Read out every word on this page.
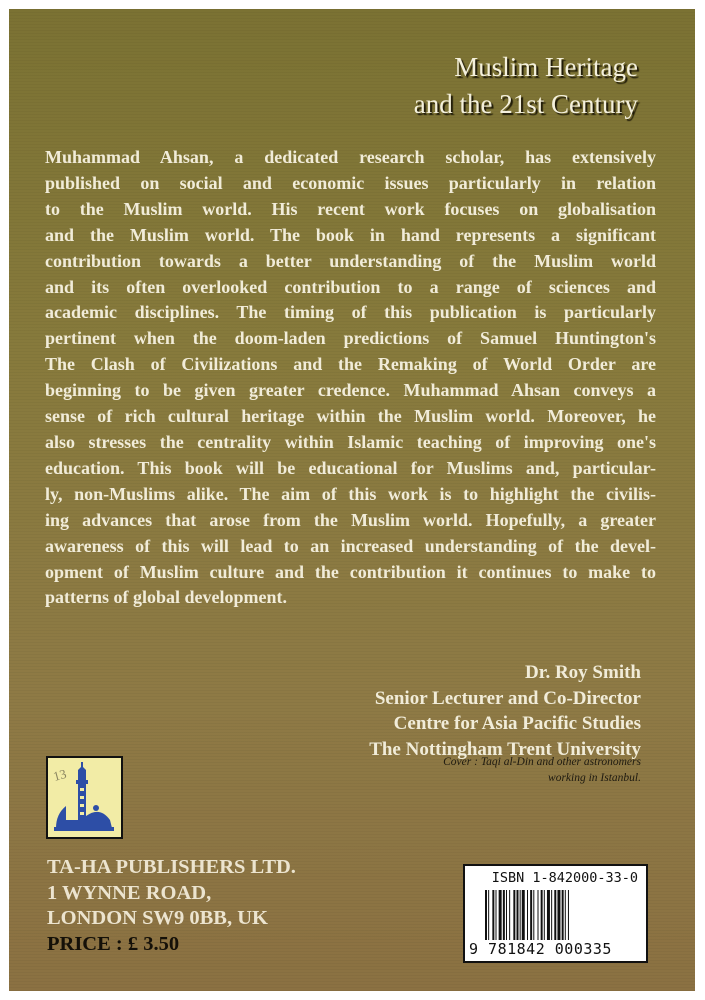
Muslim Heritage
and the 21st Century
Muhammad Ahsan, a dedicated research scholar, has extensively
published on social and economic issues particularly in relation
to the Muslim world. His recent work focuses on globalisation
and the Muslim world. The book in hand represents a significant
contribution towards a better understanding of the Muslim world
and its often overlooked contribution to a range of sciences and
academic disciplines. The timing of this publication is particularly
pertinent when the doom-laden predictions of Samuel Huntington's
The Clash of Civilizations and the Remaking of World Order are
beginning to be given greater credence. Muhammad Ahsan conveys a
sense of rich cultural heritage within the Muslim world. Moreover, he
also stresses the centrality within Islamic teaching of improving one's
education. This book will be educational for Muslims and, particular-
ly, non-Muslims alike. The aim of this work is to highlight the civilis-
ing advances that arose from the Muslim world. Hopefully, a greater
awareness of this will lead to an increased understanding of the devel-
opment of Muslim culture and the contribution it continues to make to
patterns of global development.
Dr. Roy Smith
Senior Lecturer and Co-Director
Centre for Asia Pacific Studies
The Nottingham Trent University
Cover : Taqi al-Din and other astronomers
working in Istanbul.
13
TA-HA PUBLISHERS LTD.
1 WYNNE ROAD,
LONDON SW9 0BB, UK
PRICE : £ 3.50
ISBN 1-842000-33-0
9 781842 000335
